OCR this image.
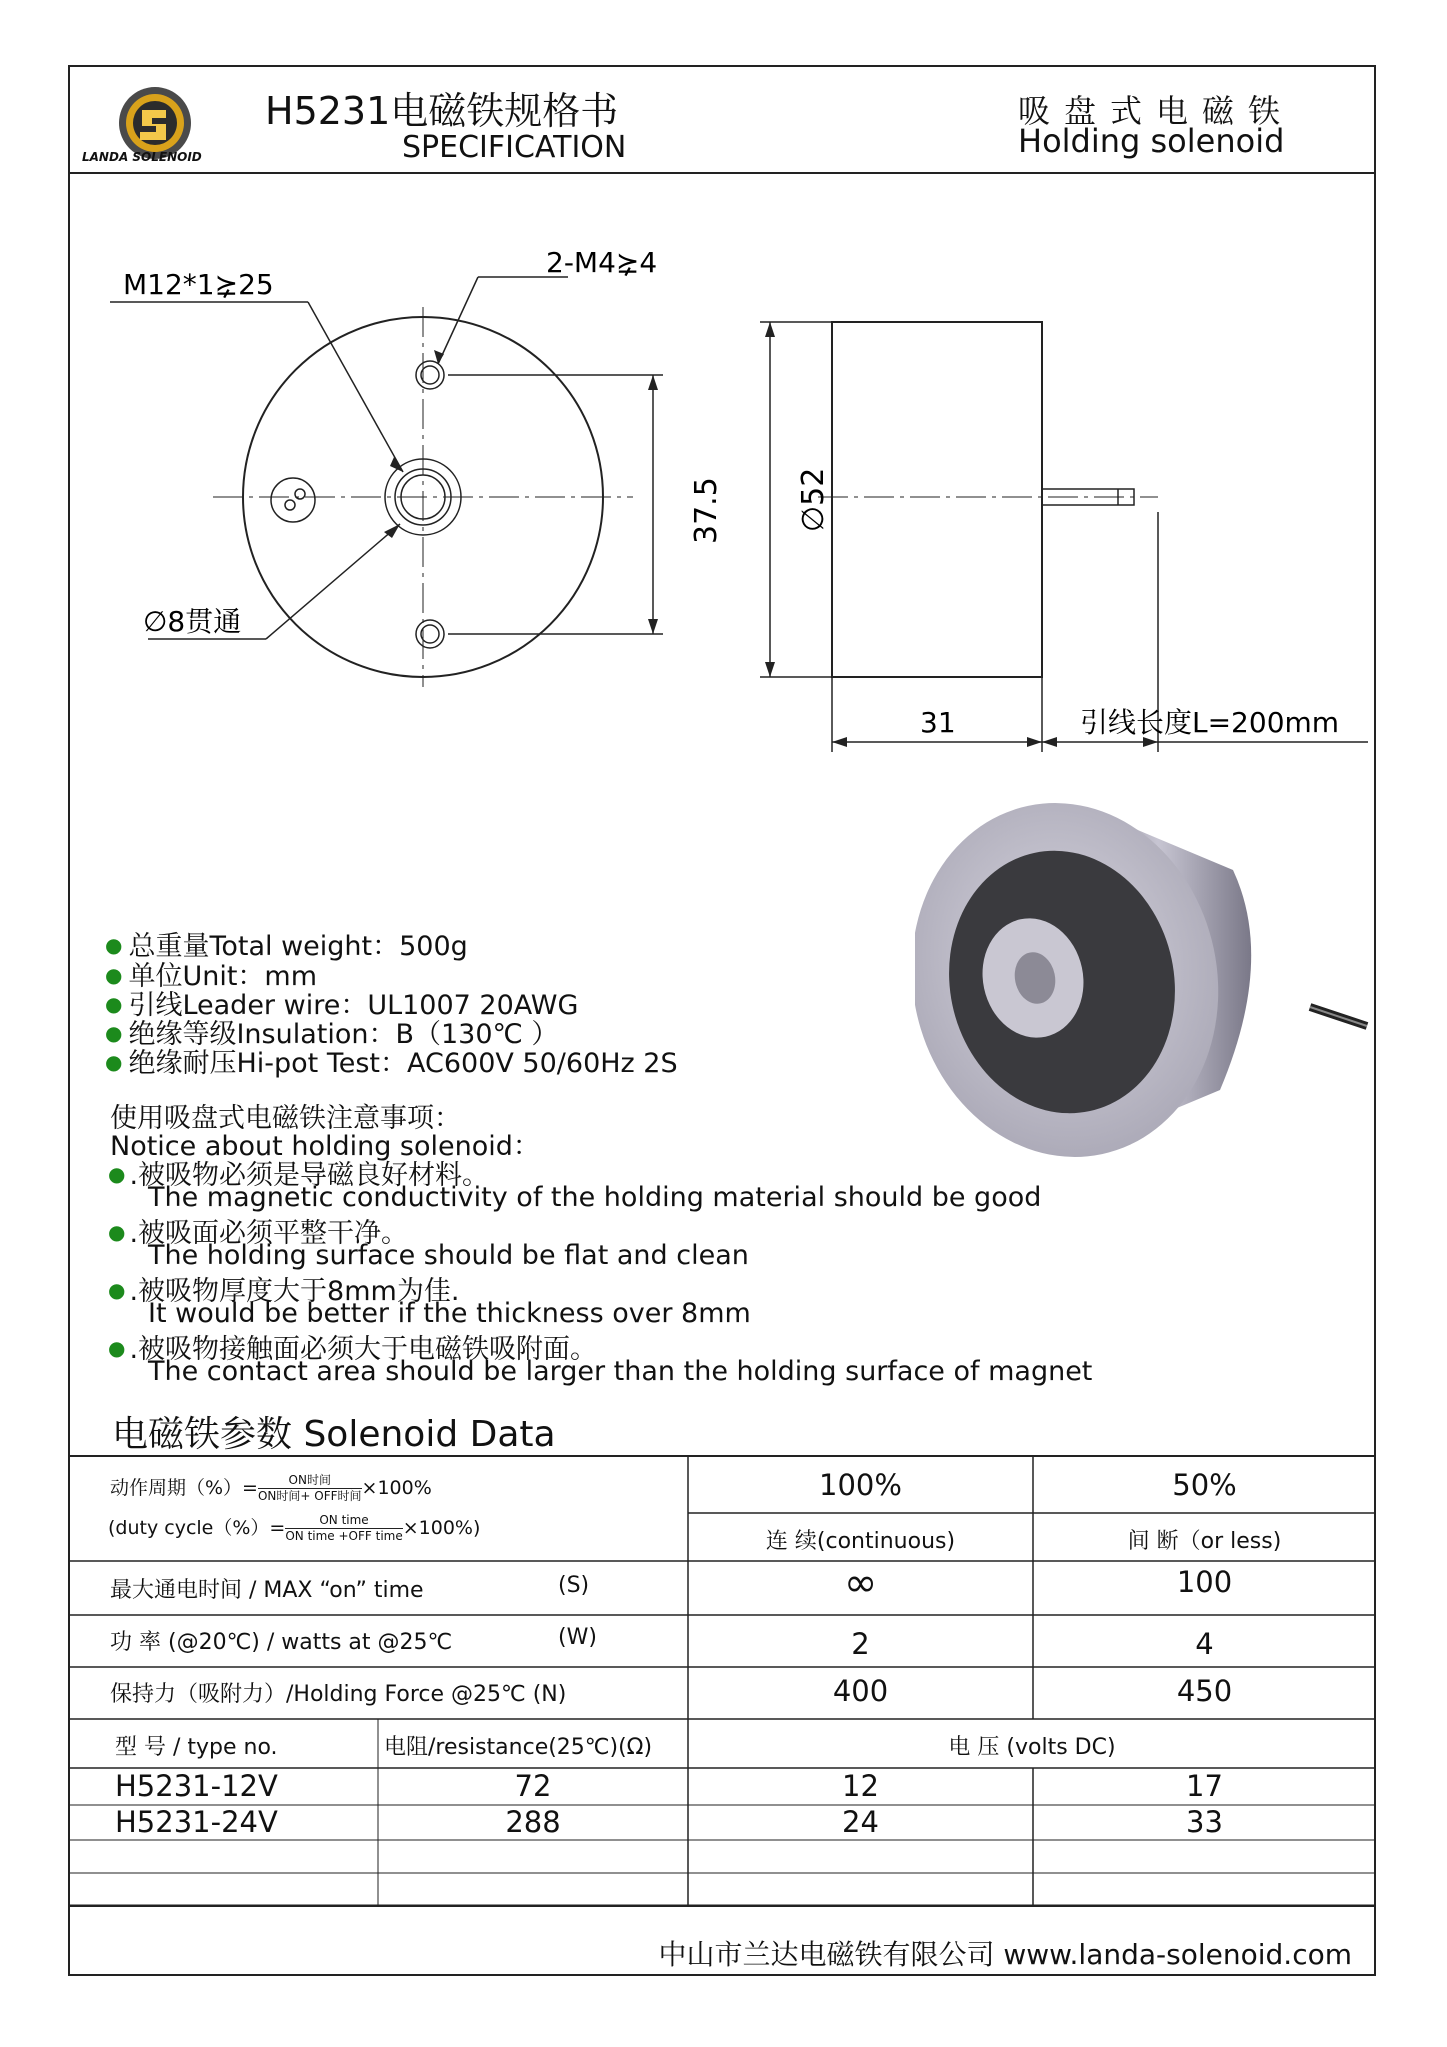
LANDA SOLENOID
H5231电磁铁规格书
SPECIFICATION
吸盘式电磁铁
Holding solenoid
M12*1⪲25
2-M4⪲4
∅8贯通
37.5 ∅52
31	引线长度L=200mm
● 总重量Total weight：500g
● 单位Unit：mm
● 引线Leader wire：UL1007 20AWG
● 绝缘等级Insulation：B（130℃ ）
● 绝缘耐压Hi-pot Test：AC600V 50/60Hz 2S
使用吸盘式电磁铁注意事项：
Notice about holding solenoid：
● .被吸物必须是导磁良好材料。
The magnetic conductivity of the holding material should be good
● .被吸面必须平整干净。
The holding surface should be flat and clean
● .被吸物厚度大于8mm为佳.
It would be better if the thickness over 8mm
● .被吸物接触面必须大于电磁铁吸附面。
The contact area should be larger than the holding surface of magnet
电磁铁参数 Solenoid Data
动作周期（%）=	ON时间
ON时间+ OFF时间 ×100%
(duty cycle（%）=	ON time
ON time +OFF time ×100%)
100%	50%
连 续(continuous)	间 断（or less)
最大通电时间 / MAX “on” time	(S)	∞	100
功 率 (@20℃) / watts at @25℃	(W)	2	4
保持力（吸附力）/Holding Force @25℃ (N)	400	450
型 号 / type no.	电阻/resistance(25℃)(Ω)	电 压 (volts DC)
H5231-12V	72	12	17
H5231-24V	288	24	33
中山市兰达电磁铁有限公司 www.landa-solenoid.com
